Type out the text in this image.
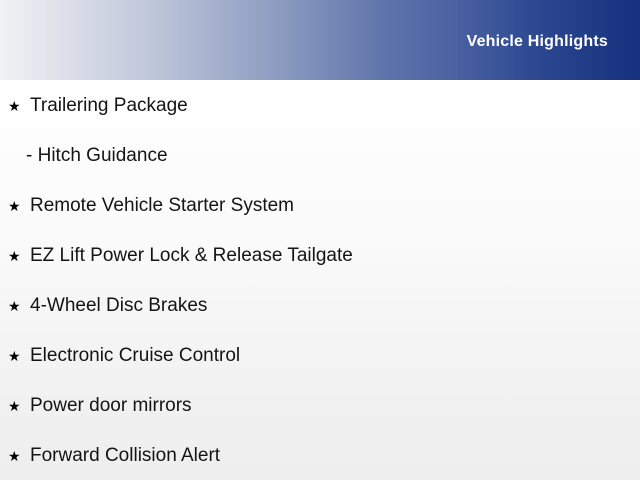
Vehicle Highlights
★ Trailering Package
- Hitch Guidance
★ Remote Vehicle Starter System
★ EZ Lift Power Lock & Release Tailgate
★ 4-Wheel Disc Brakes
★ Electronic Cruise Control
★ Power door mirrors
★ Forward Collision Alert
